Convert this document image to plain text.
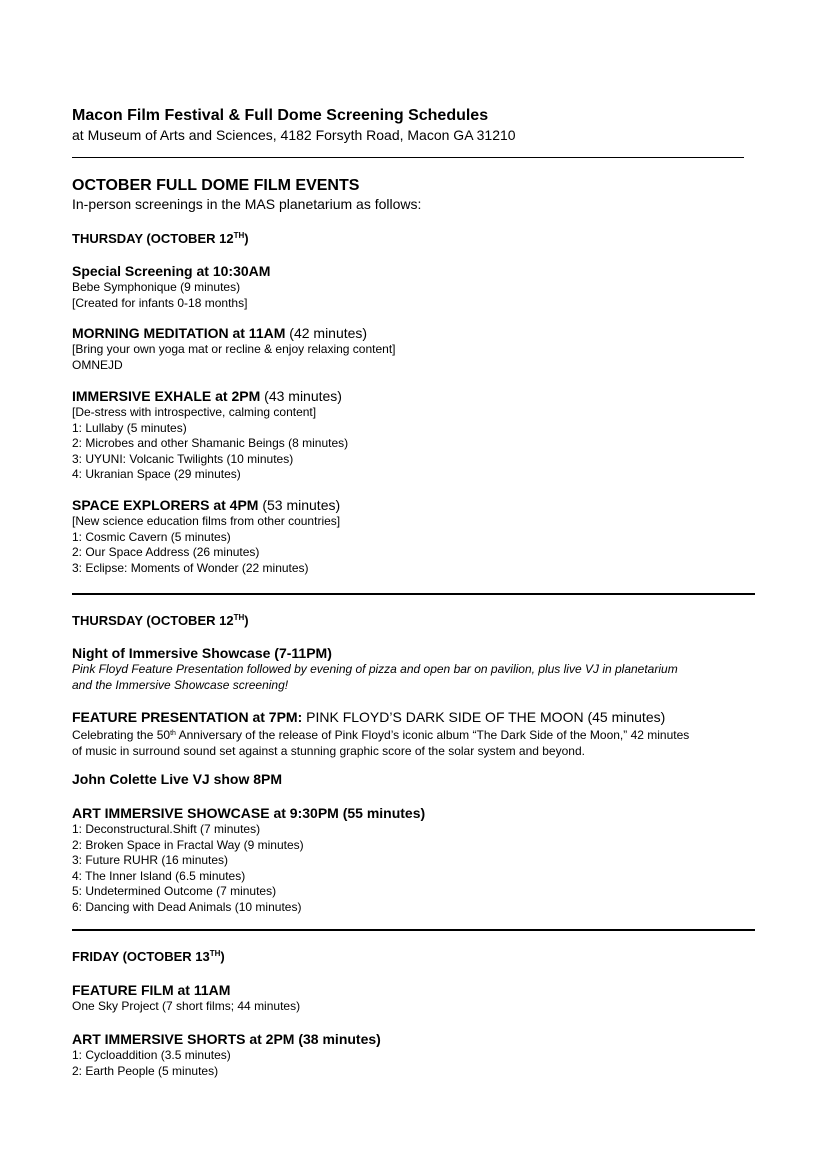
Macon Film Festival & Full Dome Screening Schedules
at Museum of Arts and Sciences, 4182 Forsyth Road, Macon GA 31210
OCTOBER FULL DOME FILM EVENTS
In-person screenings in the MAS planetarium as follows:
THURSDAY (OCTOBER 12TH)
Special Screening at 10:30AM
Bebe Symphonique (9 minutes)
[Created for infants 0-18 months]
MORNING MEDITATION at 11AM (42 minutes)
[Bring your own yoga mat or recline & enjoy relaxing content]
OMNEJD
IMMERSIVE EXHALE at 2PM (43 minutes)
[De-stress with introspective, calming content]
1: Lullaby (5 minutes)
2: Microbes and other Shamanic Beings (8 minutes)
3: UYUNI: Volcanic Twilights (10 minutes)
4: Ukranian Space (29 minutes)
SPACE EXPLORERS at 4PM (53 minutes)
[New science education films from other countries]
1: Cosmic Cavern (5 minutes)
2: Our Space Address (26 minutes)
3: Eclipse: Moments of Wonder (22 minutes)
THURSDAY (OCTOBER 12TH)
Night of Immersive Showcase (7-11PM)
Pink Floyd Feature Presentation followed by evening of pizza and open bar on pavilion, plus live VJ in planetarium
and the Immersive Showcase screening!
FEATURE PRESENTATION at 7PM: PINK FLOYD’S DARK SIDE OF THE MOON (45 minutes)
Celebrating the 50th Anniversary of the release of Pink Floyd’s iconic album “The Dark Side of the Moon,” 42 minutes
of music in surround sound set against a stunning graphic score of the solar system and beyond.
John Colette Live VJ show 8PM
ART IMMERSIVE SHOWCASE at 9:30PM (55 minutes)
1: Deconstructural.Shift (7 minutes)
2: Broken Space in Fractal Way (9 minutes)
3: Future RUHR (16 minutes)
4: The Inner Island (6.5 minutes)
5: Undetermined Outcome (7 minutes)
6: Dancing with Dead Animals (10 minutes)
FRIDAY (OCTOBER 13TH)
FEATURE FILM at 11AM
One Sky Project (7 short films; 44 minutes)
ART IMMERSIVE SHORTS at 2PM (38 minutes)
1: Cycloaddition (3.5 minutes)
2: Earth People (5 minutes)
